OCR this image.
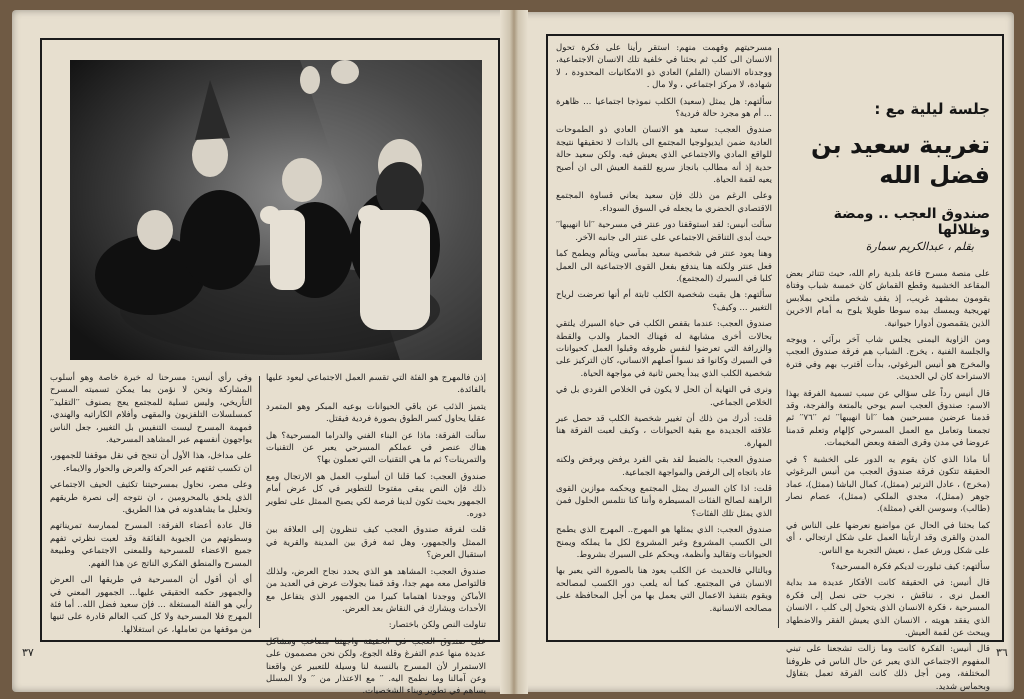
جلسة ليلية مع :
تغريبة سعيد بن فضل الله
صندوق العجب .. ومضة وظلالها
بقلم ، عبدالكريم سمارة

مسرحيتهم وفهمت منهم: استقر رأينا على فكرة تحول الانسان الى كلب ثم بحثنا في خلفية تلك الانسان الاجتماعية، ووجدناه الانسان (الفلم) العادي ذو الامكانيات المحدودة ، لا شهادة، لا مركز اجتماعي ، ولا مال .

سألتهم: هل يمثل (سعيد) الكلب نموذجا اجتماعيا ... ظاهرة ... أم هو مجرد حالة فردية؟

صندوق العجب: سعيد هو الانسان العادي ذو الطموحات العادية ضمن ايديولوجيا المجتمع الى بالذات لا تحقيقها نتيجة للواقع المادي والاجتماعي الذي يعيش فيه. ولكن سعيد حالة حدية إذ أنه مطالب بانجاز سريع للقمة العيش الى ان أصبح يعيه لقمة الحياة.

وعلى الرغم من ذلك فإن سعيد يعاني قساوة المجتمع الاقتصادي الحضري ما يجعله في السوق السوداء.

سألت أنيس: لقد استوقفنا دور عنتر في مسرحية ′′انا انهيبها′′ حيث أبدى التناقض الاجتماعي على عنتر الى جانبه الآخر.

وهنا يعود عنتر في شخصية سعيد بمآسي ويتألم ويطمح كما فعل عنتر ولكنه هنا يندفع بفعل القوى الاجتماعية الى العمل كلبا في السيرك (المجتمع).

سألتهم: هل بقيت شخصية الكلب ثابتة أم أنها تعرضت لرياح التغيير ... وكيف؟

صندوق العجب: عندما بقفص الكلب في حياة السيرك يلتقي بحالات أخرى مشابهة له فهناك الحمار والدب والقطة والزرافة التي تعرضوا لنفس ظروفه وقبلوا العمل كحيوانات في السيرك وكانوا قد نسوا أصلهم الانساني، كان التركيز على شخصية الكلب الذي يبدأ يحس ثانية في مواجهة الحياة.

ونرى في النهاية أن الحل لا يكون في الخلاص الفردي بل في الخلاص الجماعي.

قلت: أدرك من ذلك أن تغيير شخصية الكلب قد حصل عبر علاقته الجديدة مع بقية الحيوانات ، وكيف لعبت الفرقة هنا المهارة.

صندوق العجب: بالضبط لقد بقي الفرد يرفض ويرفض ولكنه عاد باتجاه إلى الرفض والمواجهة الجماعية.

قلت: اذا كان السيرك يمثل المجتمع ويحكمه موازين القوى الراهنة لصالح الفئات المسيطرة وأننا كنا نتلمس الحلول فمن الذي يمثل تلك الفئات؟

صندوق العجب: الذي يمثلها هو المهرج.. المهرج الذي يطمح الى الكسب المشروع وغير المشروع لكل ما يملكه ويمنح الحيوانات وتقاليد وأنظمة، ويحكم على السيرك بشروط.

وبالتالي فالحديث عن الكلب يعود هنا بالصورة التي يعبر بها الانسان في المجتمع. كما أنه يلعب دور الكسب لمصالحه ويقوم بتنفيذ الاعمال التي يعمل بها من أجل المحافظة على مصالحه الانسانية.

على منصة مسرح قاعة بلدية رام الله، حيث تتناثر بعض المقاعد الخشبية وقطع القماش كان خمسة شباب وفتاة يقومون بمشهد غريب، إذ يقف شخص ملتحي بملابس تهريجية ويمسك بيده سوطا طويلا يلوح به أمام الاخرين الذين يتقمصون أدوارا حيوانية.

ومن الزاوية اليمنى يجلس شاب آخر برآئي ، ويوجه والجلسة الفنية ، يخرج. الشباب هم فرقة صندوق العجب والمخرج هو أنيس البرغوثي، بدأت أقترب بهم وفي فترة الاستراحة كان لي الحديث.

قال أنيس رداً على سؤالي عن سبب تسمية الفرقة بهذا الاسم: صندوق العجب اسم يوحي بالمتعة والفرجة، وقد قدمنا عرضين مسرحيين هما ′′انا انهيبها′′ ثم ′′٧٦′′ ثم تجمعنا وتعامل مع العمل المسرحي كإلهام وتعلم قدمنا عروضا في مدن وقرى الضفة وبعض المخيمات.

أنا ماذا الذي كان يقوم به الدور على الخشبة ؟ في الحقيقة تتكون فرقة صندوق العجب من أنيس البرغوثي (مخرج) ، عادل الترتير (ممثل)، كمال الباشا (ممثل)، عماد جوهر (ممثل)، مجدي الملكي (ممثل)، عصام نصار (طالب)، وسوسن الغي (ممثلة).

كما بحثنا في الحال عن مواضيع نعرضها على الناس في المدن والقرى وقد ارتأينا العمل على شكل ارتجالي ، أي على شكل ورش عمل ، نعيش التجربة مع الناس.

سألتهم: كيف تبلورت لديكم فكرة المسرحية؟

قال أنيس: في الحقيقة كانت الأفكار عديدة مد بداية العمل نرى ، نناقش ، نجرب حتى نصل إلى فكرة المسرحية ، فكرة الانسان الذي يتحول إلى كلب ، الانسان الذي يفقد هويته ، الانسان الذي يعيش الفقر والاضطهاد ويبحث عن لقمة العيش.

قال أنيس: الفكرة كانت وما زالت تشجعنا على تبني المفهوم الاجتماعي الذي يعبر عن حال الناس في ظروفنا المختلفة، ومن أجل ذلك كانت الفرقة تعمل بتفاؤل وبحماس شديد.

إذن فالمهرج هو الفئة التي تقسم العمل الاجتماعي ليعود عليها بالفائدة.

يتميز الذئب عن باقي الحيوانات بوعيه المبكر وهو المتمرد عقليا يحاول كسر الطوق بصورة فردية فيقتل.

سألت الفرقة: ماذا عن البناء الفني والدراما المسرحية؟ هل هناك عنصر في عملكم المسرحي يعبر عن التقنيات والتمرينات؟ ثم ما هي التقنيات التي تعملون بها؟

صندوق العجب: كما قلنا ان أسلوب العمل هو الارتجال ومع ذلك فإن النص يبقى مفتوحا للتطوير في كل عرض أمام الجمهور بحيث تكون لدينا فرصة لكي يصبح الممثل على تطوير دوره.

قلت لفرقة صندوق العجب كيف تنظرون إلى العلاقة بين الممثل والجمهور، وهل ثمة فرق بين المدينة والقرية في استقبال العرض؟

صندوق العجب: المشاهد هو الذي يحدد نجاح العرض، ولذلك فالتواصل معه مهم جدا، وقد قمنا بجولات عرض في العديد من الأماكن ووجدنا اهتماما كبيرا من الجمهور الذي يتفاعل مع الأحداث ويشارك في النقاش بعد العرض.

تناولت النص ولكن باختصار:

على صندوق العجب في الحقيقة واجهتنا مصاعب ومشاكل عديدة منها عدم التفرغ وقلة الجوع، ولكن نحن مصممون على الاستمرار لأن المسرح بالنسبة لنا وسيلة للتعبير عن واقعنا وعن آمالنا وما نطمح اليه. ′′ مع الاعتذار من ′′ ولا المسلل يساهم في تطوير وبناء الشخصيات.

وفي رأي أنيس: مسرحنا له خبرة خاصة وهو أسلوب المشاركة ونحن لا نؤمن بما يمكن تسميته المسرح التأريخي، وليس تسلية للمجتمع يعج بصنوف ′′التقليد′′ كمسلسلات التلفزيون والمقهى وأفلام الكاراتيه والهندي، فمهمة المسرح ليست التنفيس بل التغيير، جعل الناس يواجهون أنفسهم عبر المشاهد المسرحية.

على مداخل، هذا الأول أن تنجح في نقل موقفنا للجمهور، ان تكسب ثقتهم عبر الحركة والعرض والحوار والايماء.

وعلى مصر، نحاول بمسرحيتنا تكثيف الحيف الاجتماعي الذي يلحق بالمحرومين ، ان نتوجه إلى نصرة طريقهم وتحليل ما يشاهدونه في هذا الطريق.

قال عادة أعضاء الفرقة: المسرح لممارسة تمريناتهم وسطوتهم من الجيوبة الفائقة وقد لعبت نظرتي تفهم جميع الاعضاء للمسرحية وللمعنى الاجتماعي وطبيعة المسرح والمنطق الفكري الناتج عن هذا الفهم.

أي أن أقول أن المسرحية في طريقها الى العرض والجمهور حكمه الحقيقي عليها... الجمهور المعني في رأيي هو الفئة المستغلة ... فإن سعيد فضل الله.. أما فئة المهرج فلا المسرحية ولا كل كتب العالم قادرة على ثنيها من موقفها من تعاملها، عن استغلالها.

٣٧	٣٦
